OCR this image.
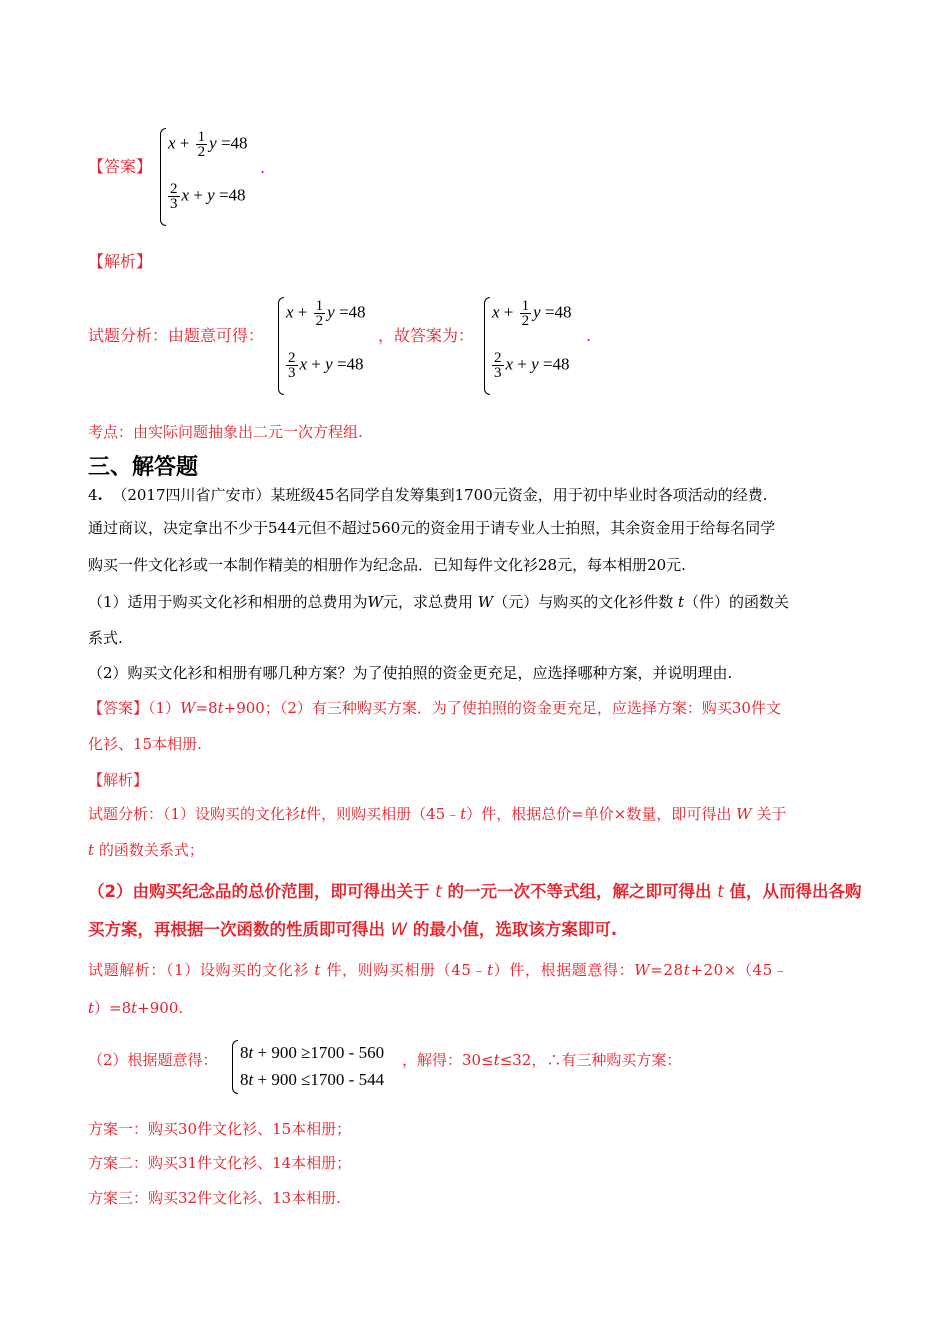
【答案】
$x + \frac{1}{2}$ y =48
$\frac{2}{3}$ x + y =48
.
【解析】
试题分析：由题意可得：
$x + \frac{1}{2}$ y =48
$\frac{2}{3}$ x + y =48
，故答案为：
$x + \frac{1}{2}$ y =48
$\frac{2}{3}$ x + y =48
.
考点：由实际问题抽象出二元一次方程组.
三、解答题
4. （2017四川省广安市）某班级45名同学自发筹集到1700元资金，用于初中毕业时各项活动的经费.
通过商议，决定拿出不少于544元但不超过560元的资金用于请专业人士拍照，其余资金用于给每名同学
购买一件文化衫或一本制作精美的相册作为纪念品．已知每件文化衫28元，每本相册20元.
（1）适用于购买文化衫和相册的总费用为W元，求总费用 W（元）与购买的文化衫件数 t（件）的函数关
系式.
（2）购买文化衫和相册有哪几种方案？为了使拍照的资金更充足，应选择哪种方案，并说明理由.
【答案】（1）W=8t+900；（2）有三种购买方案．为了使拍照的资金更充足，应选择方案：购买30件文
化衫、15本相册.
【解析】
试题分析：（1）设购买的文化衫t件，则购买相册（45﹣t）件，根据总价=单价×数量，即可得出 W 关于
t 的函数关系式；
（2）由购买纪念品的总价范围，即可得出关于 t 的一元一次不等式组，解之即可得出 t 值，从而得出各购
买方案，再根据一次函数的性质即可得出 W 的最小值，选取该方案即可.
试题解析：（1）设购买的文化衫 t 件，则购买相册（45﹣t）件，根据题意得：W=28t+20×（45﹣
t）=8t+900.
（2）根据题意得： 8t + 900 ≥1700 - 560
8t + 900 ≤1700 - 544
，解得：30≤t≤32，∴有三种购买方案：
方案一：购买30件文化衫、15本相册；
方案二：购买31件文化衫、14本相册；
方案三：购买32件文化衫、13本相册.
